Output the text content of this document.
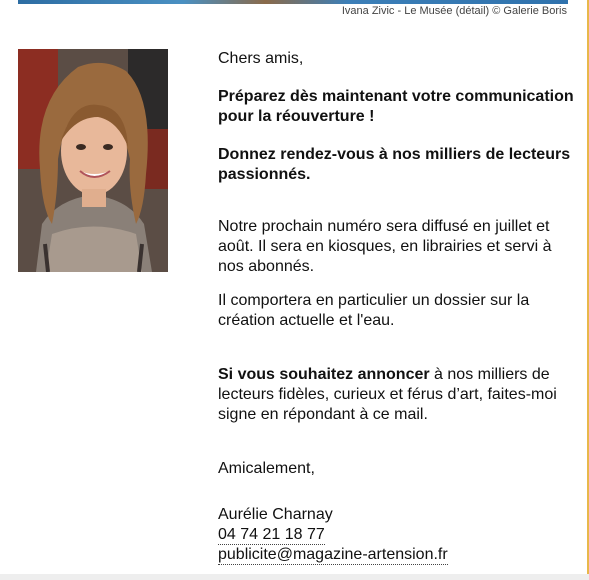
Ivana Zivic - Le Musée (détail) © Galerie Boris

Chers amis,

Préparez dès maintenant votre communication pour la réouverture !

Donnez rendez-vous à nos milliers de lecteurs passionnés.

Notre prochain numéro sera diffusé en juillet et août. Il sera en kiosques, en librairies et servi à nos abonnés.

Il comportera en particulier un dossier sur la création actuelle et l'eau.

Si vous souhaitez annoncer à nos milliers de lecteurs fidèles, curieux et férus d’art, faites-moi signe en répondant à ce mail.

Amicalement,

Aurélie Charnay
04 74 21 18 77
publicite@magazine-artension.fr
